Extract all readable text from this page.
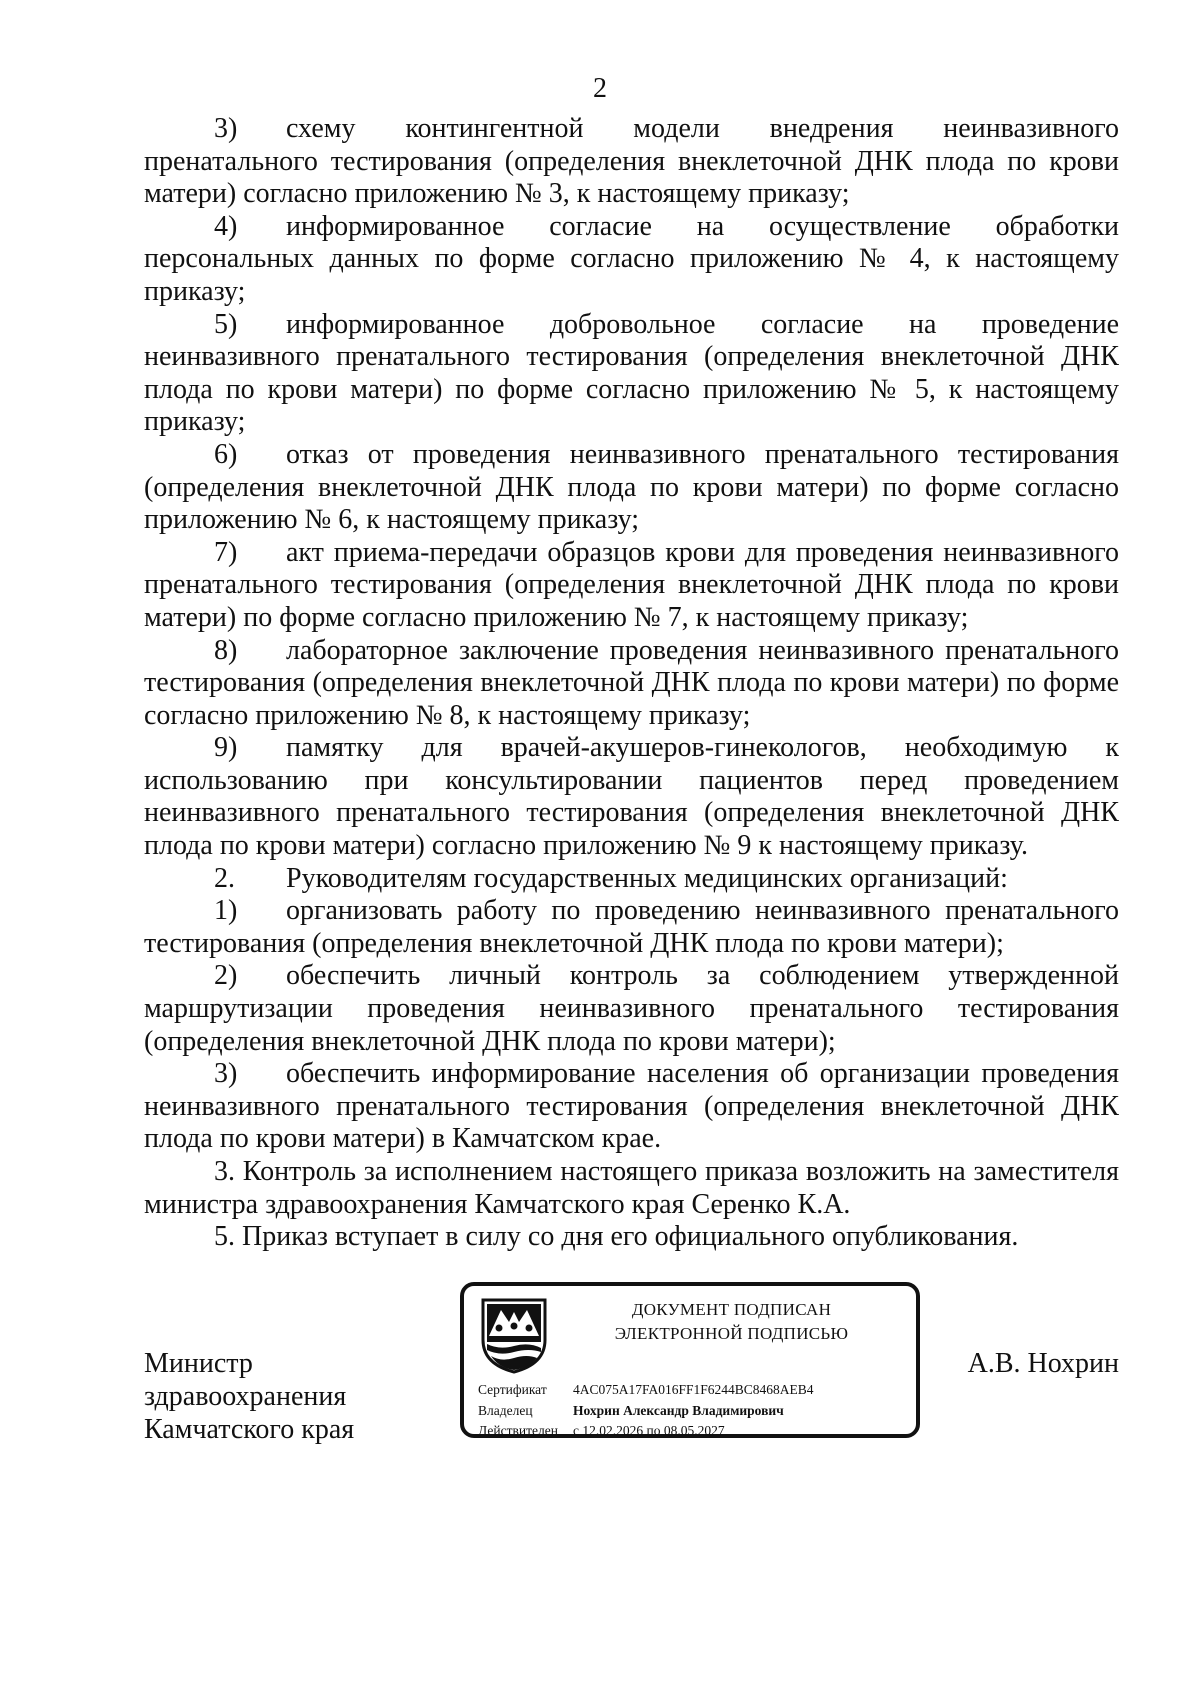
2

3) схему контингентной модели внедрения неинвазивного пренатального тестирования (определения внеклеточной ДНК плода по крови матери) согласно приложению № 3, к настоящему приказу;

4) информированное согласие на осуществление обработки персональных данных по форме согласно приложению № 4, к настоящему приказу;

5) информированное добровольное согласие на проведение неинвазивного пренатального тестирования (определения внеклеточной ДНК плода по крови матери) по форме согласно приложению № 5, к настоящему приказу;

6) отказ от проведения неинвазивного пренатального тестирования (определения внеклеточной ДНК плода по крови матери) по форме согласно приложению № 6, к настоящему приказу;

7) акт приема-передачи образцов крови для проведения неинвазивного пренатального тестирования (определения внеклеточной ДНК плода по крови матери) по форме согласно приложению № 7, к настоящему приказу;

8) лабораторное заключение проведения неинвазивного пренатального тестирования (определения внеклеточной ДНК плода по крови матери) по форме согласно приложению № 8, к настоящему приказу;

9) памятку для врачей-акушеров-гинекологов, необходимую к использованию при консультировании пациентов перед проведением неинвазивного пренатального тестирования (определения внеклеточной ДНК плода по крови матери) согласно приложению № 9 к настоящему приказу.

2. Руководителям государственных медицинских организаций:

1) организовать работу по проведению неинвазивного пренатального тестирования (определения внеклеточной ДНК плода по крови матери);

2) обеспечить личный контроль за соблюдением утвержденной маршрутизации проведения неинвазивного пренатального тестирования (определения внеклеточной ДНК плода по крови матери);

3) обеспечить информирование населения об организации проведения неинвазивного пренатального тестирования (определения внеклеточной ДНК плода по крови матери) в Камчатском крае.

3. Контроль за исполнением настоящего приказа возложить на заместителя министра здравоохранения Камчатского края Серенко К.А.

5. Приказ вступает в силу со дня его официального опубликования.

Министр
здравоохранения
Камчатского края
ДОКУМЕНТ ПОДПИСАН
ЭЛЕКТРОННОЙ ПОДПИСЬЮ
Сертификат 4AC075A17FA016FF1F6244BC8468AEB4
Владелец	Нохрин Александр Владимирович
Действителен с 12.02.2026 по 08.05.2027
А.В. Нохрин
